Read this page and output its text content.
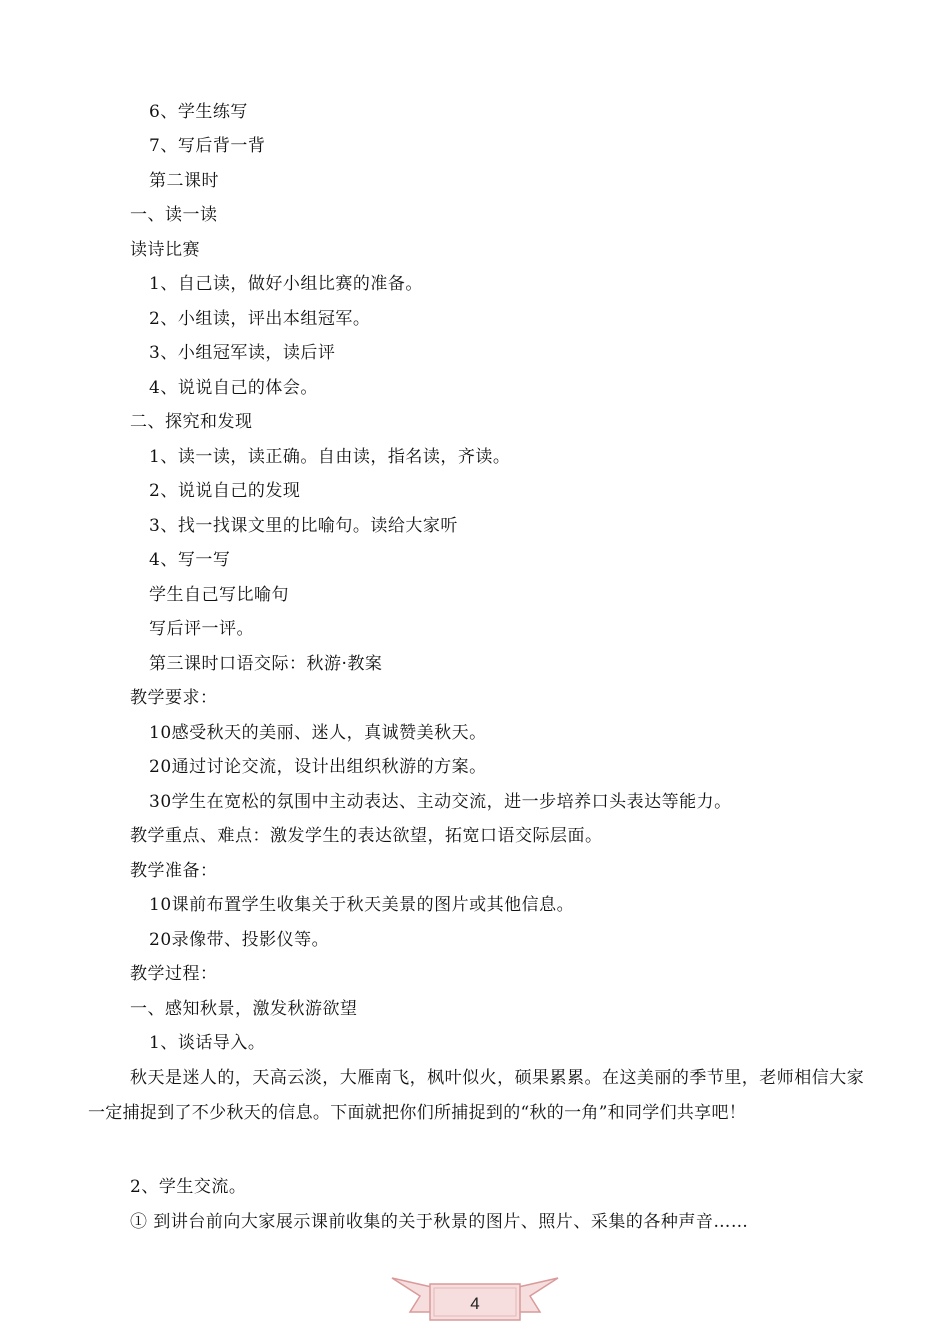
6、学生练写
7、写后背一背
第二课时
一、读一读
读诗比赛
1、自己读，做好小组比赛的准备。
2、小组读，评出本组冠军。
3、小组冠军读，读后评
4、说说自己的体会。
二、探究和发现
1、读一读，读正确。自由读，指名读，齐读。
2、说说自己的发现
3、找一找课文里的比喻句。读给大家听
4、写一写
学生自己写比喻句
写后评一评。
第三课时口语交际：秋游·教案
教学要求：
10感受秋天的美丽、迷人，真诚赞美秋天。
20通过讨论交流，设计出组织秋游的方案。
30学生在宽松的氛围中主动表达、主动交流，进一步培养口头表达等能力。
教学重点、难点：激发学生的表达欲望，拓宽口语交际层面。
教学准备：
10课前布置学生收集关于秋天美景的图片或其他信息。
20录像带、投影仪等。
教学过程：
一、感知秋景，激发秋游欲望
1、谈话导入。
秋天是迷人的，天高云淡，大雁南飞，枫叶似火，硕果累累。在这美丽的季节里，老师相信大家一定捕捉到了不少秋天的信息。下面就把你们所捕捉到的“秋的一角”和同学们共享吧！
2、学生交流。
① 到讲台前向大家展示课前收集的关于秋景的图片、照片、采集的各种声音……
4
